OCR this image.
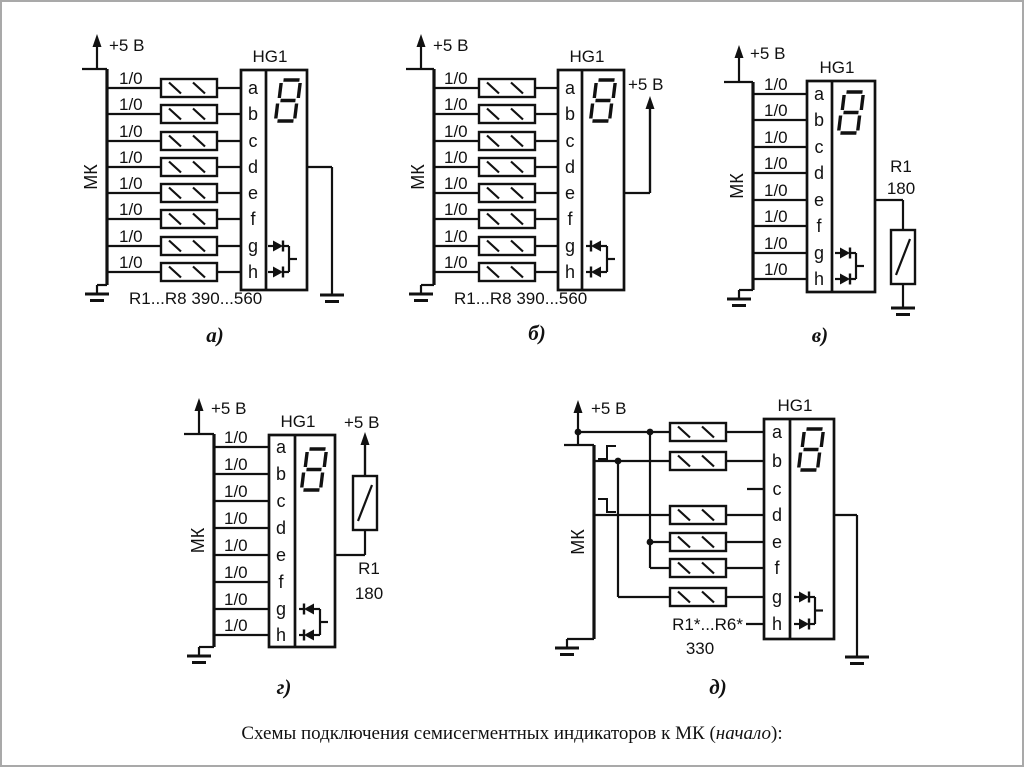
+5 В
МК
1/0
1/0
1/0
1/0
1/0
1/0
1/0
1/0
HG1
a
b
c
d
e
f
g
h
R1...R8 390...560
а)
+5 В
МК
1/0
1/0
1/0
1/0
1/0
1/0
1/0
1/0
+5 В
HG1
a
b
c
d
e
f
g
h
R1...R8 390...560
б)
+5 В
МК
1/0
1/0
1/0
1/0
1/0
1/0
1/0
1/0
R1
180
HG1
a
b
c
d
e
f
g
h
в)
+5 В
МК
1/0
1/0
1/0
1/0
1/0
1/0
1/0
1/0
+5 В
R1
180
HG1
a
b
c
d
e
f
g
h
г)
+5 В
МК
HG1
a
b
c
d
e
f
g
h
R1*...R6*
330
д)
Схемы подключения семисегментных индикаторов к МК (начало):
